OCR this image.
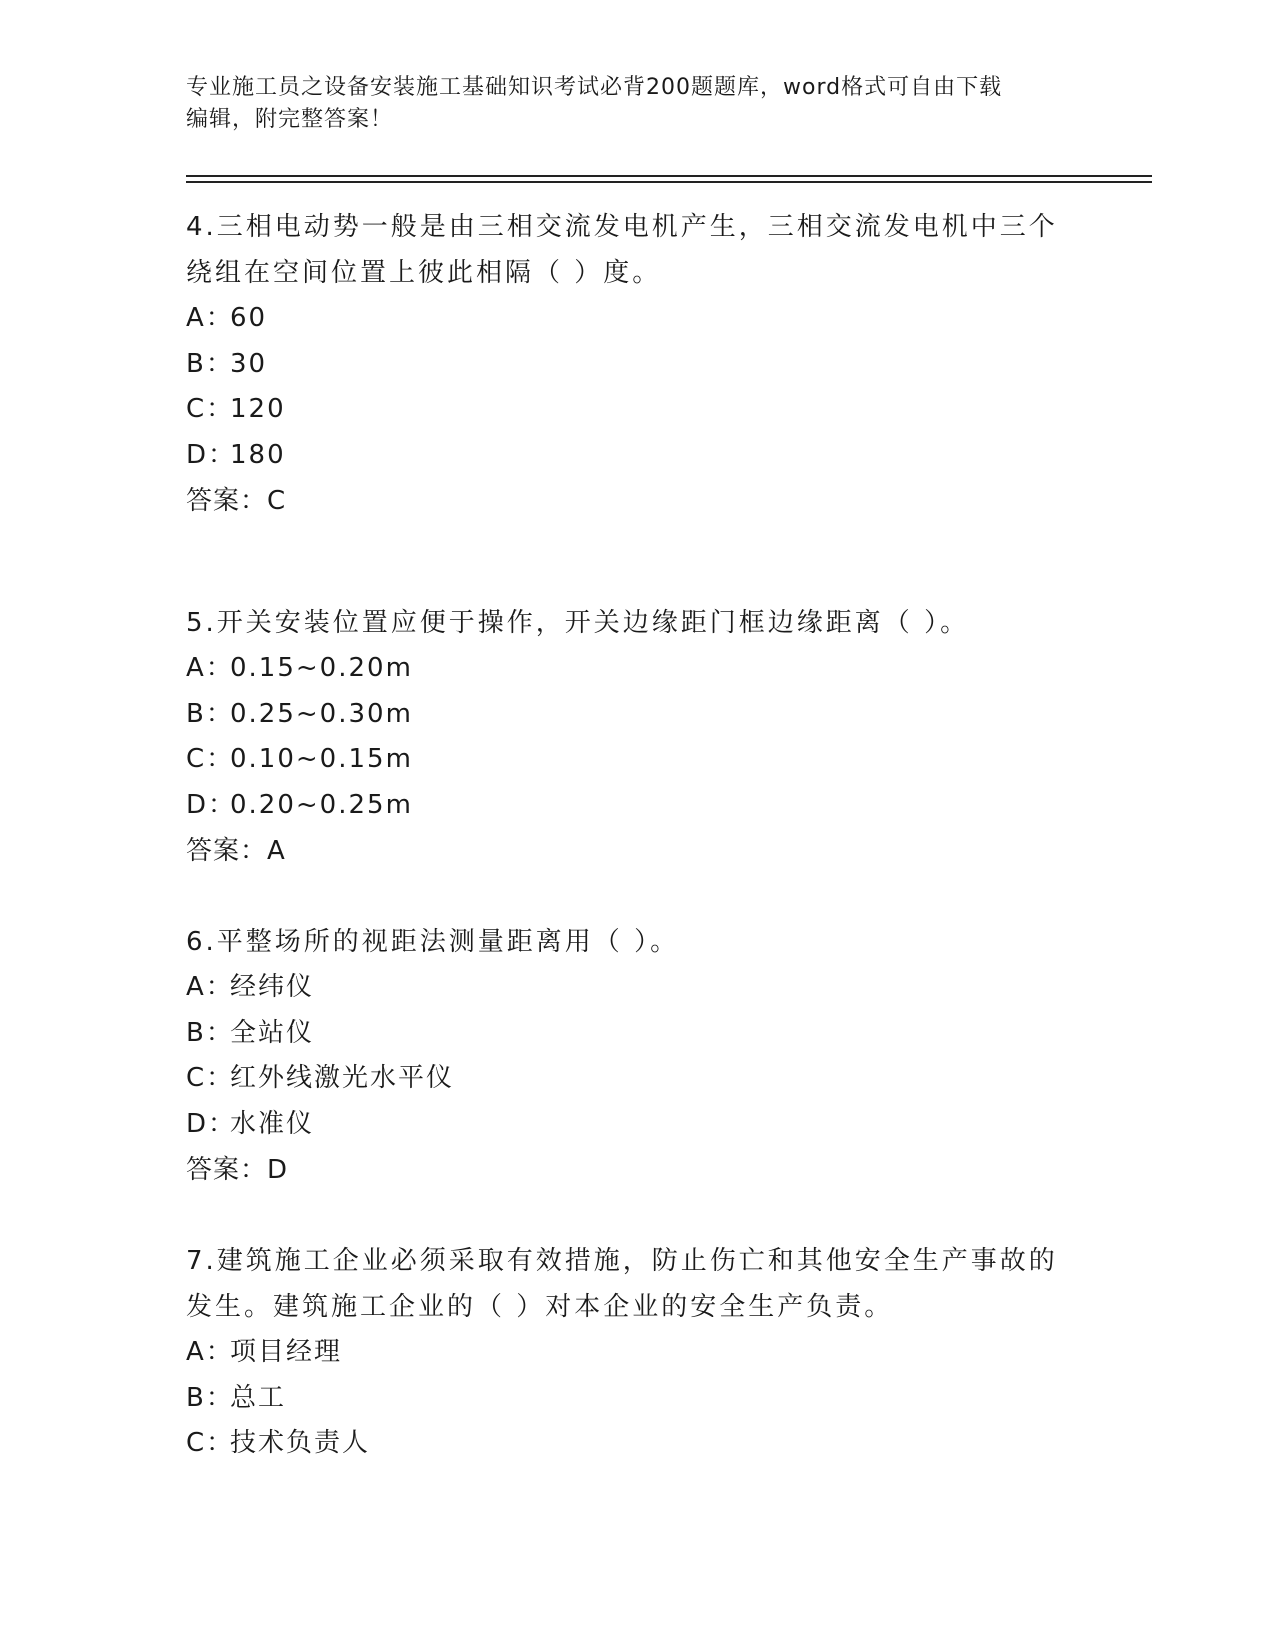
专业施工员之设备安装施工基础知识考试必背200题题库，word格式可自由下载
编辑，附完整答案！

4.三相电动势一般是由三相交流发电机产生，三相交流发电机中三个
绕组在空间位置上彼此相隔（ ）度。

A：60
B：30
C：120
D：180
答案：C

5.开关安装位置应便于操作，开关边缘距门框边缘距离（ ）。

A：0.15~0.20m
B：0.25~0.30m
C：0.10~0.15m
D：0.20~0.25m
答案：A

6.平整场所的视距法测量距离用（ ）。

A：经纬仪
B：全站仪
C：红外线激光水平仪
D：水准仪
答案：D

7.建筑施工企业必须采取有效措施，防止伤亡和其他安全生产事故的
发生。建筑施工企业的（ ）对本企业的安全生产负责。

A：项目经理
B：总工
C：技术负责人
